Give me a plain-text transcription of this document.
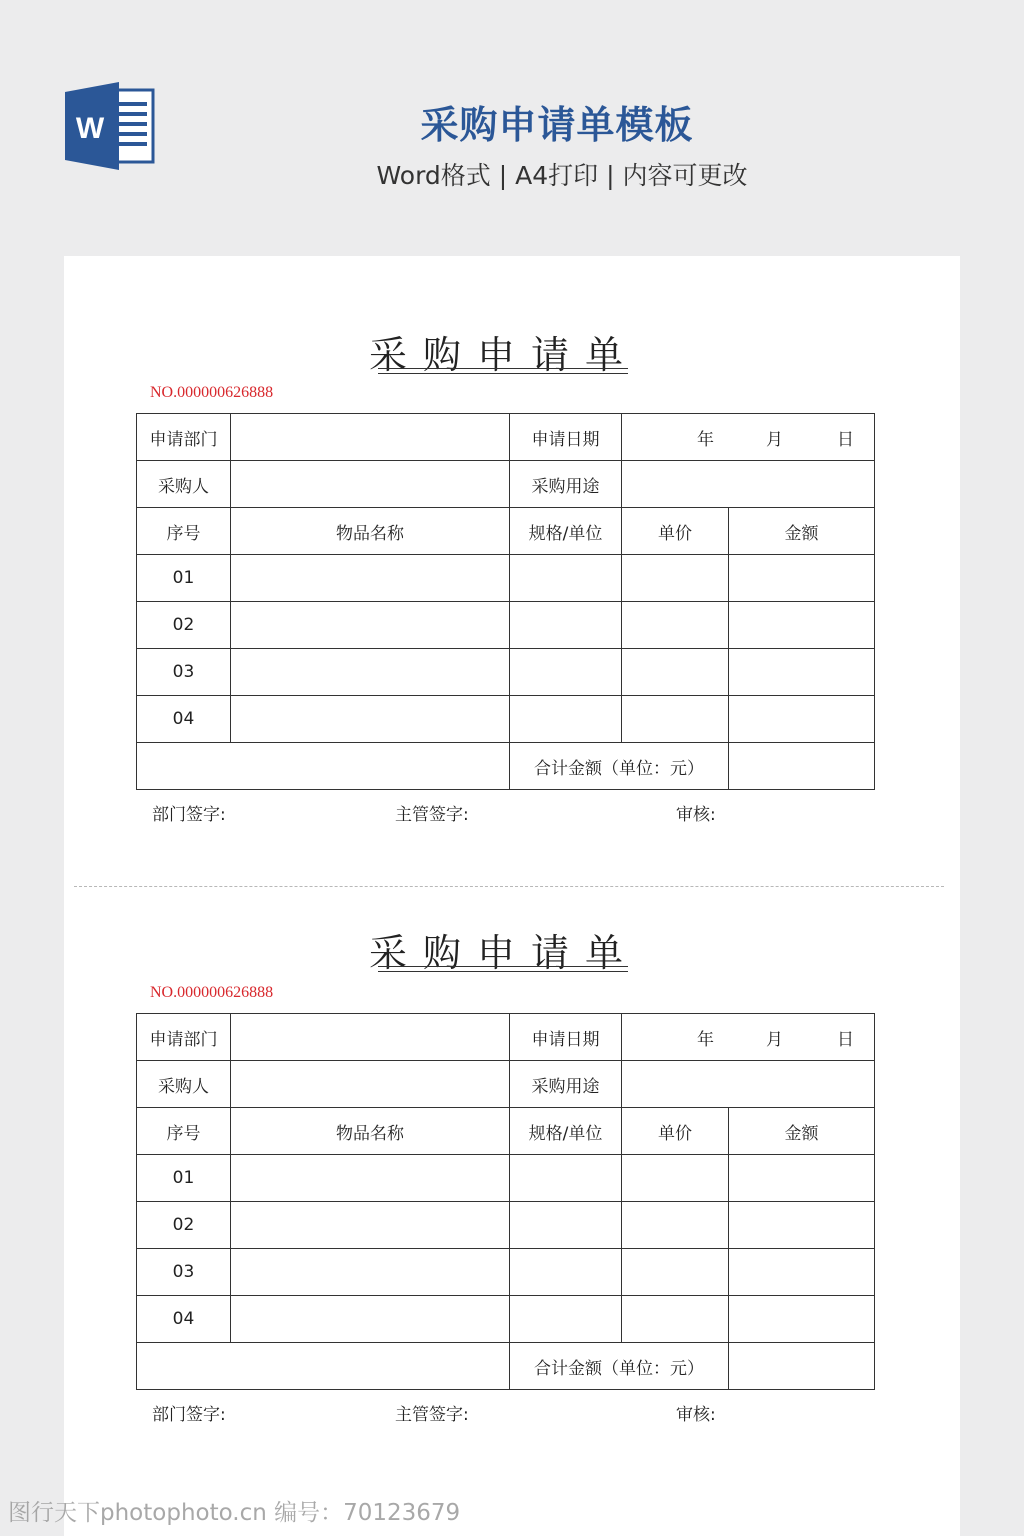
W	采购申请单模板
Word格式 | A4打印 | 内容可更改
采购申请单
NO.000000626888
申请部门		申请日期	年 月 日	
采购人		采购用途		
序号	物品名称	规格/单位	单价	金额
01				
02				
03				
04				
		合计金额（单位：元）		
部门签字:	主管签字:	审核:
采购申请单
NO.000000626888
申请部门		申请日期	年 月 日	
采购人		采购用途		
序号	物品名称	规格/单位	单价	金额
01				
02				
03				
04				
		合计金额（单位：元）		
部门签字:	主管签字:	审核:
图行天下photophoto.cn 编号：70123679
